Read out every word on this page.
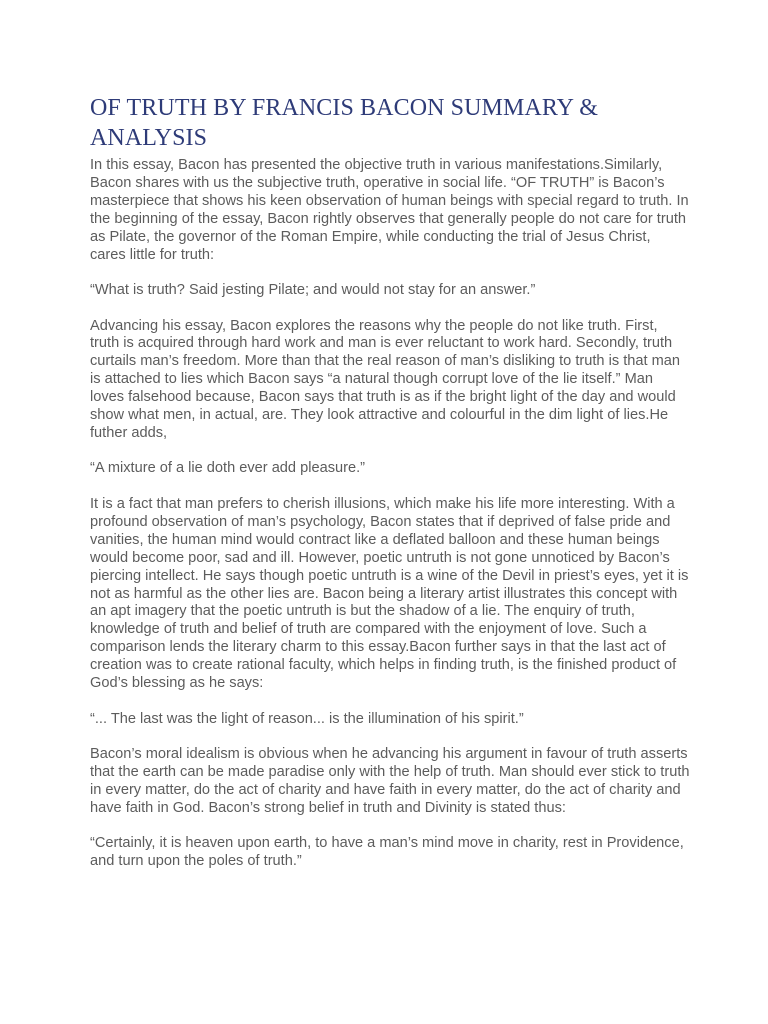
OF TRUTH BY FRANCIS BACON SUMMARY & ANALYSIS

In this essay, Bacon has presented the objective truth in various manifestations.Similarly, Bacon shares with us the subjective truth, operative in social life. “OF TRUTH” is Bacon’s masterpiece that shows his keen observation of human beings with special regard to truth. In the beginning of the essay, Bacon rightly observes that generally people do not care for truth as Pilate, the governor of the Roman Empire, while conducting the trial of Jesus Christ, cares little for truth:

“What is truth? Said jesting Pilate; and would not stay for an answer.”

Advancing his essay, Bacon explores the reasons why the people do not like truth. First, truth is acquired through hard work and man is ever reluctant to work hard. Secondly, truth curtails man’s freedom. More than that the real reason of man’s disliking to truth is that man is attached to lies which Bacon says “a natural though corrupt love of the lie itself.” Man loves falsehood because, Bacon says that truth is as if the bright light of the day and would show what men, in actual, are. They look attractive and colourful in the dim light of lies.He futher adds,

“A mixture of a lie doth ever add pleasure.”

It is a fact that man prefers to cherish illusions, which make his life more interesting. With a profound observation of man’s psychology, Bacon states that if deprived of false pride and vanities, the human mind would contract like a deflated balloon and these human beings would become poor, sad and ill. However, poetic untruth is not gone unnoticed by Bacon’s piercing intellect. He says though poetic untruth is a wine of the Devil in priest’s eyes, yet it is not as harmful as the other lies are. Bacon being a literary artist illustrates this concept with an apt imagery that the poetic untruth is but the shadow of a lie. The enquiry of truth, knowledge of truth and belief of truth are compared with the enjoyment of love. Such a comparison lends the literary charm to this essay.Bacon further says in that the last act of creation was to create rational faculty, which helps in finding truth, is the finished product of God’s blessing as he says:

“... The last was the light of reason... is the illumination of his spirit.”

Bacon’s moral idealism is obvious when he advancing his argument in favour of truth asserts that the earth can be made paradise only with the help of truth. Man should ever stick to truth in every matter, do the act of charity and have faith in every matter, do the act of charity and have faith in God. Bacon’s strong belief in truth and Divinity is stated thus:

“Certainly, it is heaven upon earth, to have a man’s mind move in charity, rest in Providence, and turn upon the poles of truth.”
